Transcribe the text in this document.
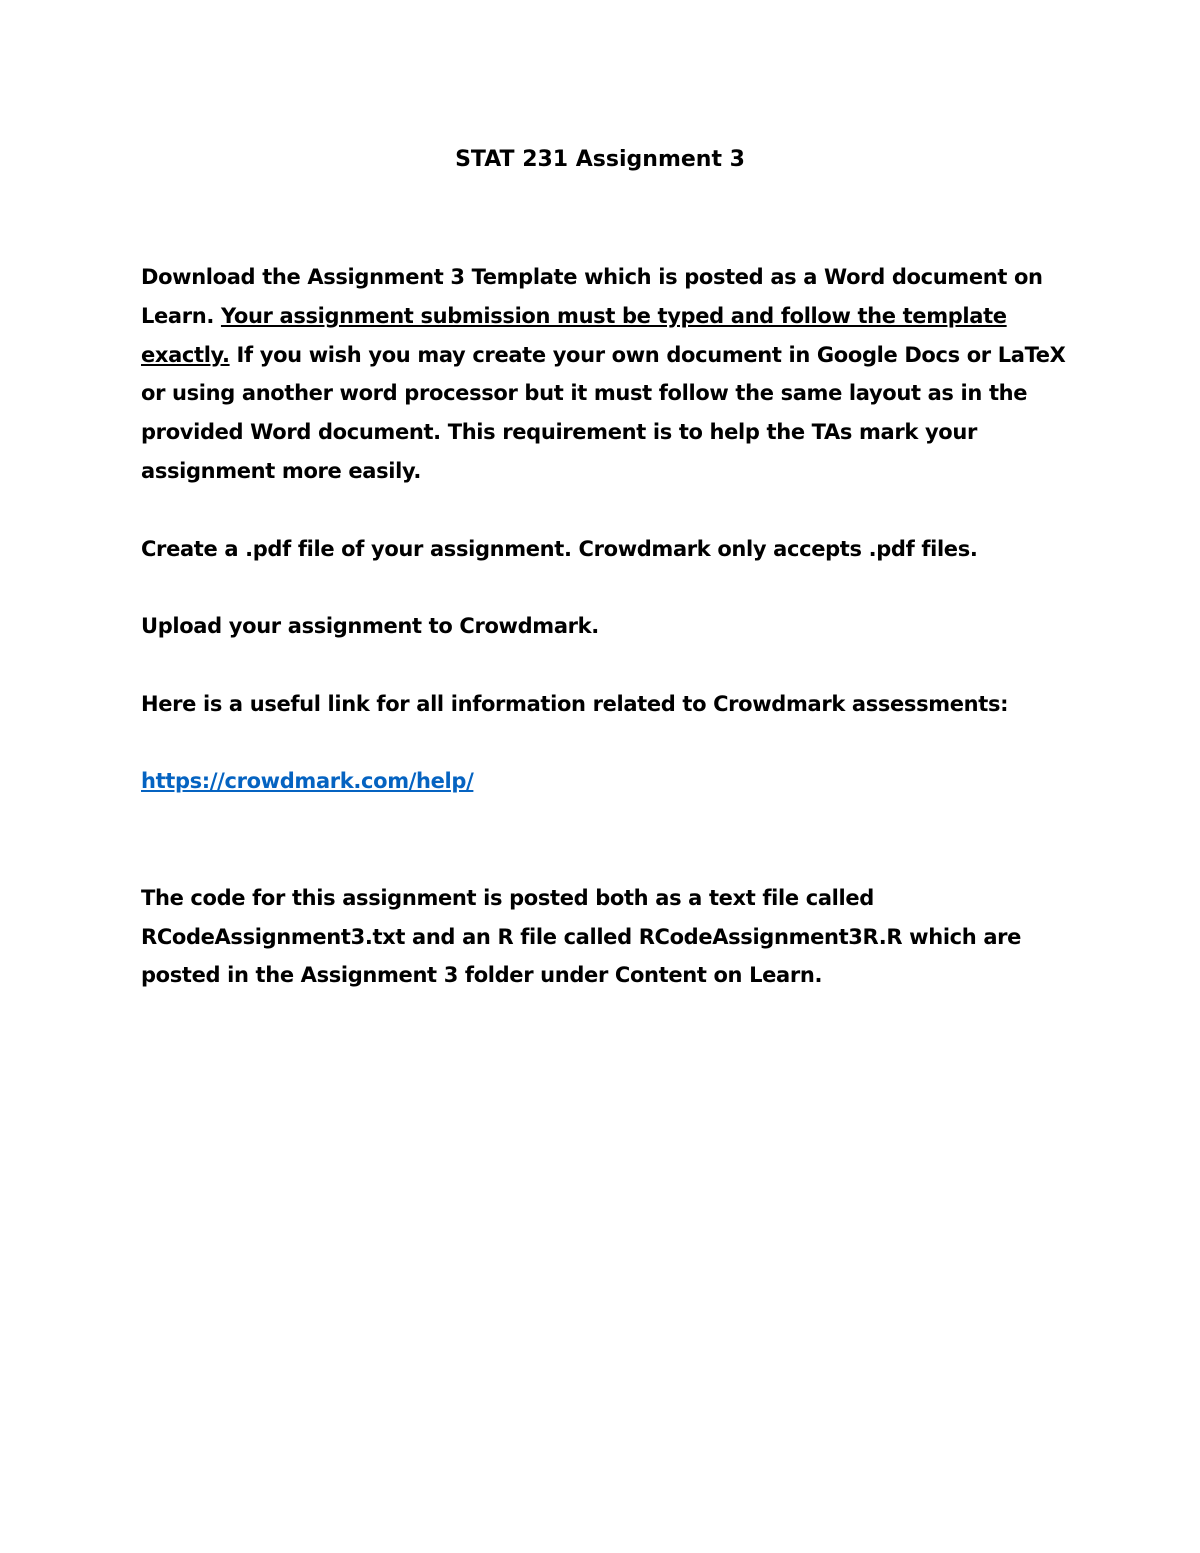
STAT 231 Assignment 3

Download the Assignment 3 Template which is posted as a Word document on Learn. Your assignment submission must be typed and follow the template exactly. If you wish you may create your own document in Google Docs or LaTeX or using another word processor but it must follow the same layout as in the provided Word document. This requirement is to help the TAs mark your assignment more easily.

Create a .pdf file of your assignment. Crowdmark only accepts .pdf files.

Upload your assignment to Crowdmark.

Here is a useful link for all information related to Crowdmark assessments:

https://crowdmark.com/help/

The code for this assignment is posted both as a text file called RCodeAssignment3.txt and an R file called RCodeAssignment3R.R which are posted in the Assignment 3 folder under Content on Learn.
